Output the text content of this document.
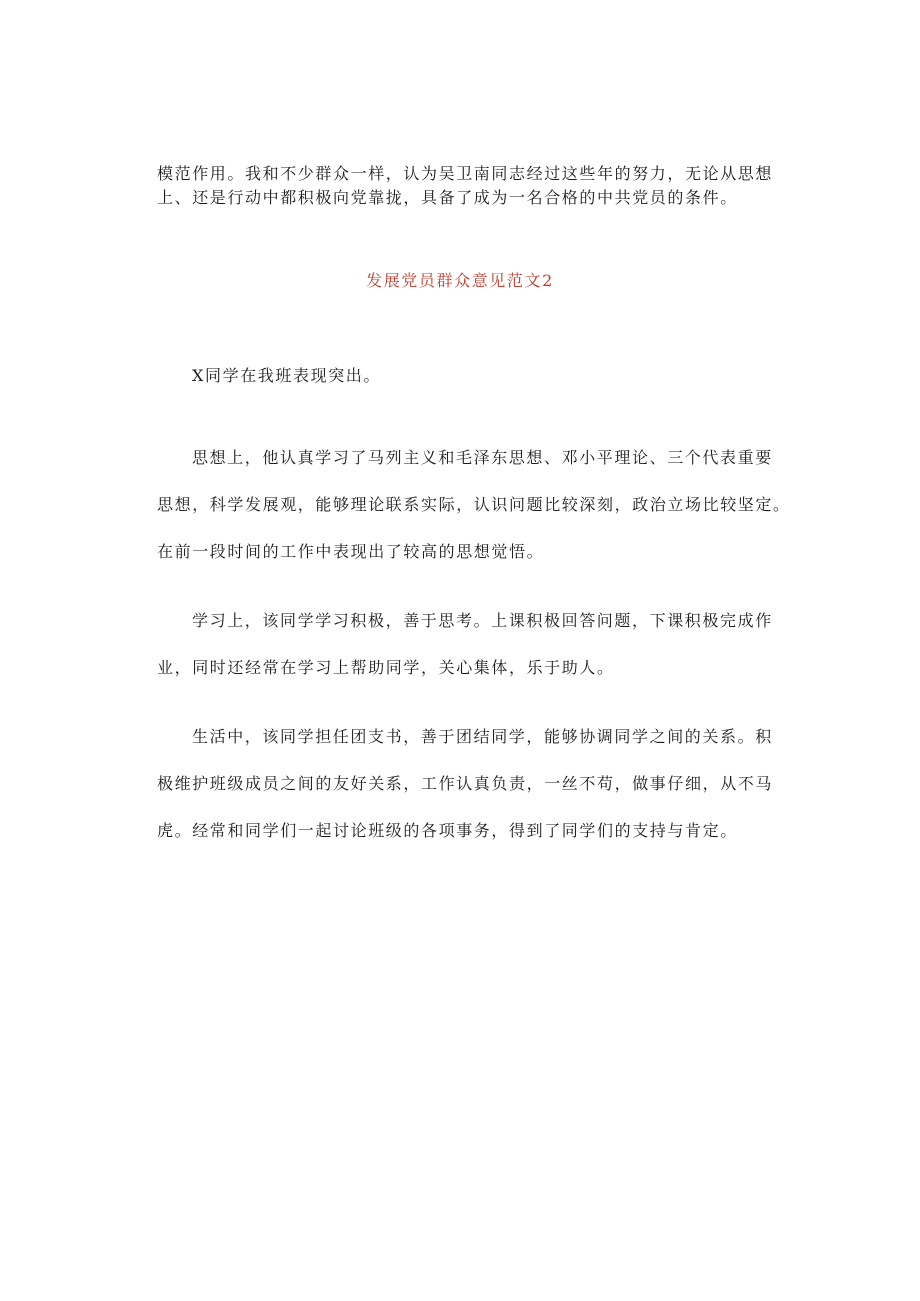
模范作用。我和不少群众一样，认为吴卫南同志经过这些年的努力，无论从思想
上、还是行动中都积极向党靠拢，具备了成为一名合格的中共党员的条件。
发展党员群众意见范文2
X同学在我班表现突出。
思想上，他认真学习了马列主义和毛泽东思想、邓小平理论、三个代表重要
思想，科学发展观，能够理论联系实际，认识问题比较深刻，政治立场比较坚定。
在前一段时间的工作中表现出了较高的思想觉悟。
学习上，该同学学习积极，善于思考。上课积极回答问题，下课积极完成作
业，同时还经常在学习上帮助同学，关心集体，乐于助人。
生活中，该同学担任团支书，善于团结同学，能够协调同学之间的关系。积
极维护班级成员之间的友好关系，工作认真负责，一丝不苟，做事仔细，从不马
虎。经常和同学们一起讨论班级的各项事务，得到了同学们的支持与肯定。
